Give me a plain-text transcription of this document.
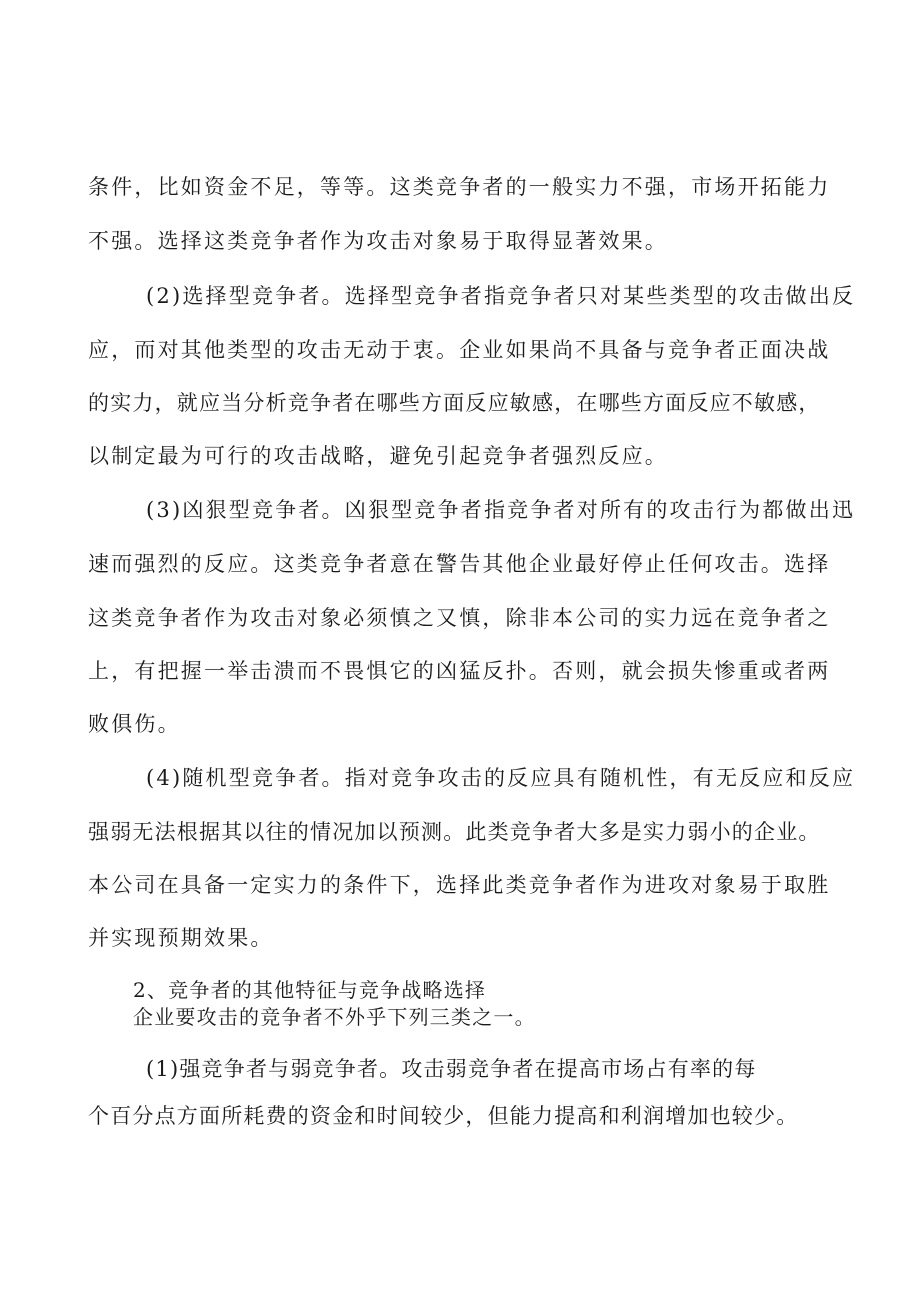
条件，比如资金不足，等等。这类竞争者的一般实力不强，市场开拓能力
不强。选择这类竞争者作为攻击对象易于取得显著效果。
(2)选择型竞争者。选择型竞争者指竞争者只对某些类型的攻击做出反
应，而对其他类型的攻击无动于衷。企业如果尚不具备与竞争者正面决战
的实力，就应当分析竞争者在哪些方面反应敏感，在哪些方面反应不敏感，
以制定最为可行的攻击战略，避免引起竞争者强烈反应。
(3)凶狠型竞争者。凶狠型竞争者指竞争者对所有的攻击行为都做出迅
速而强烈的反应。这类竞争者意在警告其他企业最好停止任何攻击。选择
这类竞争者作为攻击对象必须慎之又慎，除非本公司的实力远在竞争者之
上，有把握一举击溃而不畏惧它的凶猛反扑。否则，就会损失惨重或者两
败俱伤。
(4)随机型竞争者。指对竞争攻击的反应具有随机性，有无反应和反应
强弱无法根据其以往的情况加以预测。此类竞争者大多是实力弱小的企业。
本公司在具备一定实力的条件下，选择此类竞争者作为进攻对象易于取胜
并实现预期效果。
2、竞争者的其他特征与竞争战略选择
企业要攻击的竞争者不外乎下列三类之一。
(1)强竞争者与弱竞争者。攻击弱竞争者在提高市场占有率的每
个百分点方面所耗费的资金和时间较少，但能力提高和利润增加也较少。
